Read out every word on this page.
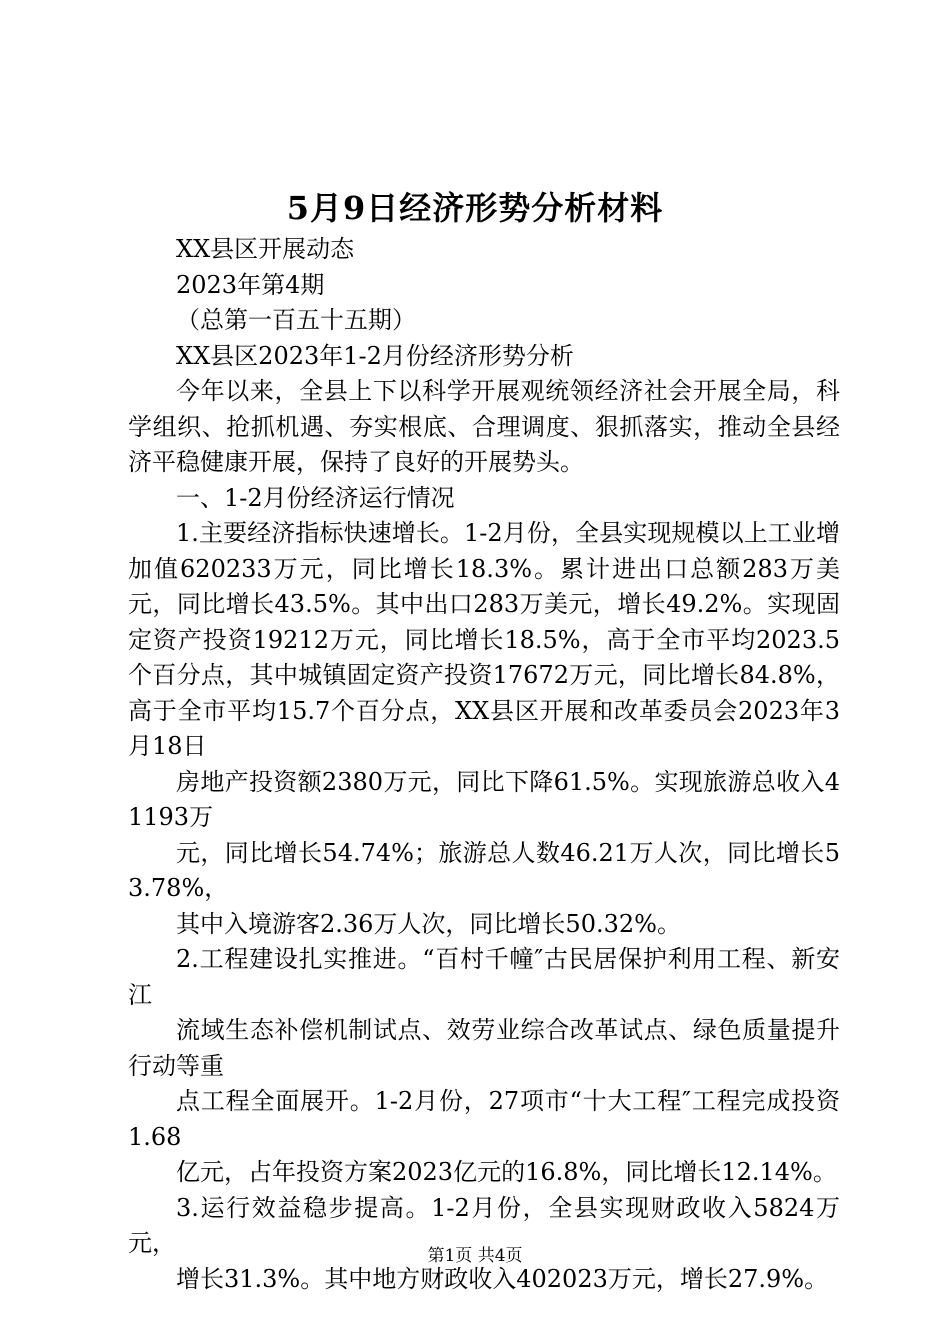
5月9日经济形势分析材料

XX县区开展动态

2023年第4期

（总第一百五十五期）

XX县区2023年1-2月份经济形势分析

今年以来，全县上下以科学开展观统领经济社会开展全局，科学组织、抢抓机遇、夯实根底、合理调度、狠抓落实，推动全县经济平稳健康开展，保持了良好的开展势头。

一、1-2月份经济运行情况

1.主要经济指标快速增长。1-2月份，全县实现规模以上工业增加值620233万元，同比增长18.3%。累计进出口总额283万美元，同比增长43.5%。其中出口283万美元，增长49.2%。实现固定资产投资19212万元，同比增长18.5%，高于全市平均2023.5个百分点，其中城镇固定资产投资17672万元，同比增长84.8%，高于全市平均15.7个百分点，XX县区开展和改革委员会2023年3月18日

房地产投资额2380万元，同比下降61.5%。实现旅游总收入41193万

元，同比增长54.74%；旅游总人数46.21万人次，同比增长53.78%，

其中入境游客2.36万人次，同比增长50.32%。

2.工程建设扎实推进。“百村千幢″古民居保护利用工程、新安江

流域生态补偿机制试点、效劳业综合改革试点、绿色质量提升行动等重

点工程全面展开。1-2月份，27项市“十大工程″工程完成投资1.68

亿元，占年投资方案2023亿元的16.8%，同比增长12.14%。

3.运行效益稳步提高。1-2月份，全县实现财政收入5824万元，

增长31.3%。其中地方财政收入402023万元，增长27.9%。

第1页 共4页
